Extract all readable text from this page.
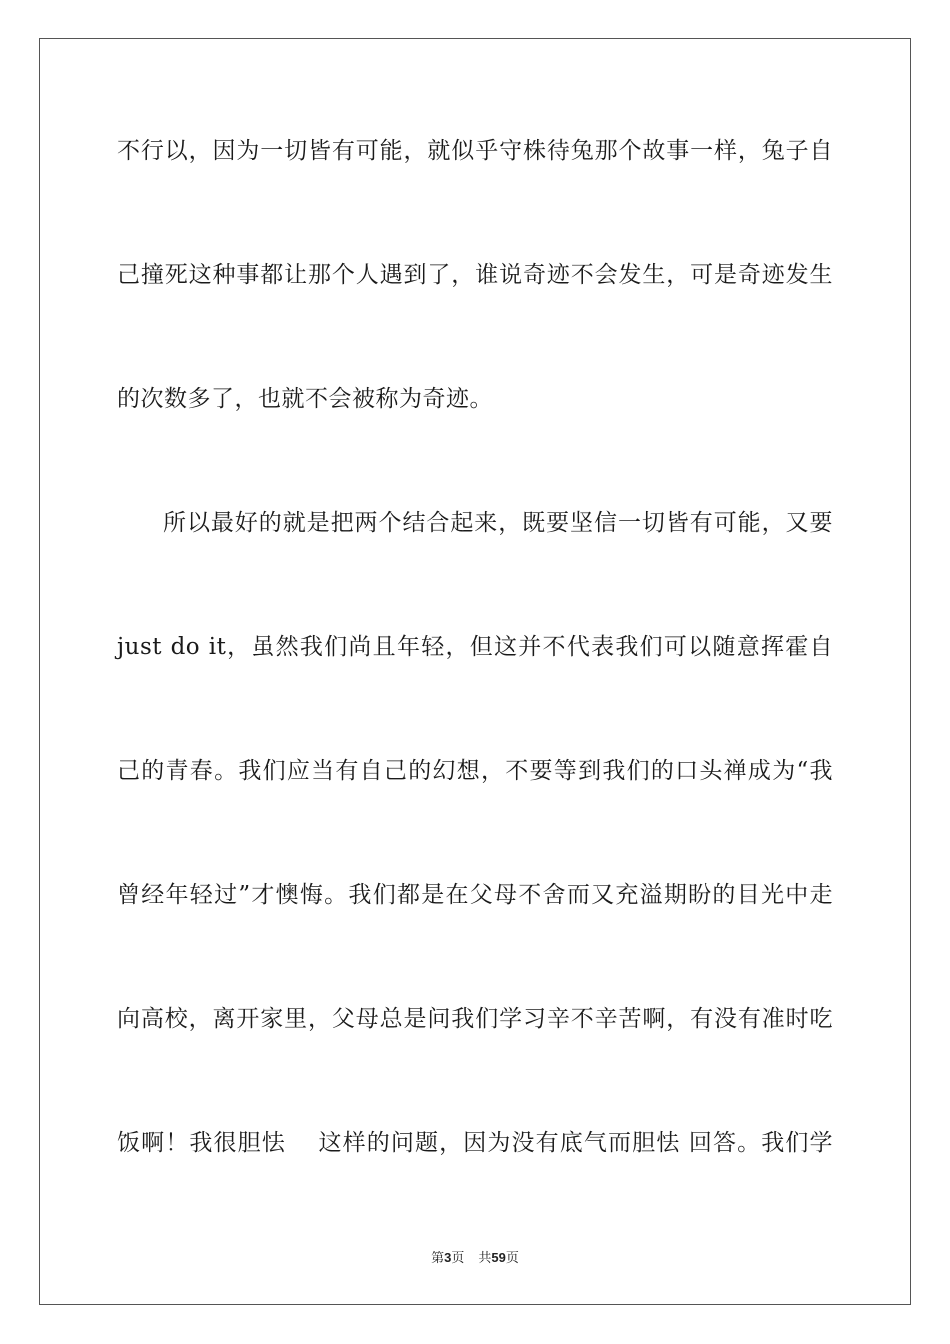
不行以，因为一切皆有可能，就似乎守株待兔那个故事一样，兔子自
己撞死这种事都让那个人遇到了，谁说奇迹不会发生，可是奇迹发生
的次数多了，也就不会被称为奇迹。
所以最好的就是把两个结合起来，既要坚信一切皆有可能，又要
just do it，虽然我们尚且年轻，但这并不代表我们可以随意挥霍自
己的青春。我们应当有自己的幻想，不要等到我们的口头禅成为“我
曾经年轻过”才懊悔。我们都是在父母不舍而又充溢期盼的目光中走
向高校，离开家里，父母总是问我们学习辛不辛苦啊，有没有准时吃
饭啊！我很胆怯　 这样的问题，因为没有底气而胆怯 回答。我们学
第3页 共59页
